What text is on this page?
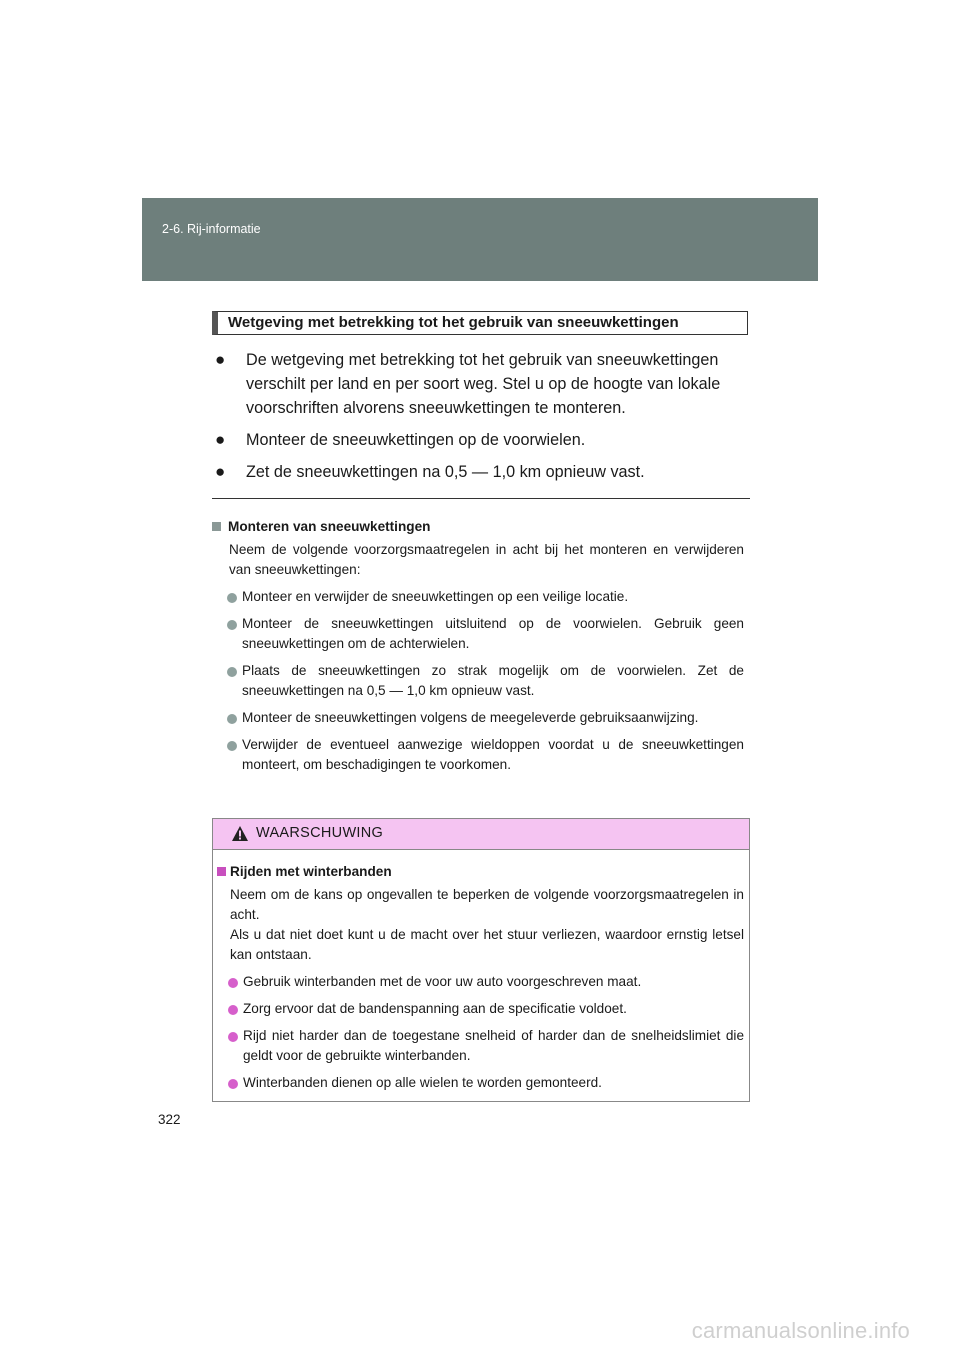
2-6. Rij-informatie
Wetgeving met betrekking tot het gebruik van sneeuwkettingen
● De wetgeving met betrekking tot het gebruik van sneeuwkettingen verschilt per land en per soort weg. Stel u op de hoogte van lokale voorschriften alvorens sneeuwkettingen te monteren.
● Monteer de sneeuwkettingen op de voorwielen.
● Zet de sneeuwkettingen na 0,5 — 1,0 km opnieuw vast.
Monteren van sneeuwkettingen
Neem de volgende voorzorgsmaatregelen in acht bij het monteren en verwijderen van sneeuwkettingen:
Monteer en verwijder de sneeuwkettingen op een veilige locatie.
Monteer de sneeuwkettingen uitsluitend op de voorwielen. Gebruik geen sneeuwkettingen om de achterwielen.
Plaats de sneeuwkettingen zo strak mogelijk om de voorwielen. Zet de sneeuwkettingen na 0,5 — 1,0 km opnieuw vast.
Monteer de sneeuwkettingen volgens de meegeleverde gebruiksaanwijzing.
Verwijder de eventueel aanwezige wieldoppen voordat u de sneeuwkettingen monteert, om beschadigingen te voorkomen.
WAARSCHUWING
Rijden met winterbanden
Neem om de kans op ongevallen te beperken de volgende voorzorgsmaatregelen in acht.
Als u dat niet doet kunt u de macht over het stuur verliezen, waardoor ernstig letsel kan ontstaan.
Gebruik winterbanden met de voor uw auto voorgeschreven maat.
Zorg ervoor dat de bandenspanning aan de specificatie voldoet.
Rijd niet harder dan de toegestane snelheid of harder dan de snelheidslimiet die geldt voor de gebruikte winterbanden.
Winterbanden dienen op alle wielen te worden gemonteerd.
322
carmanualsonline.info
